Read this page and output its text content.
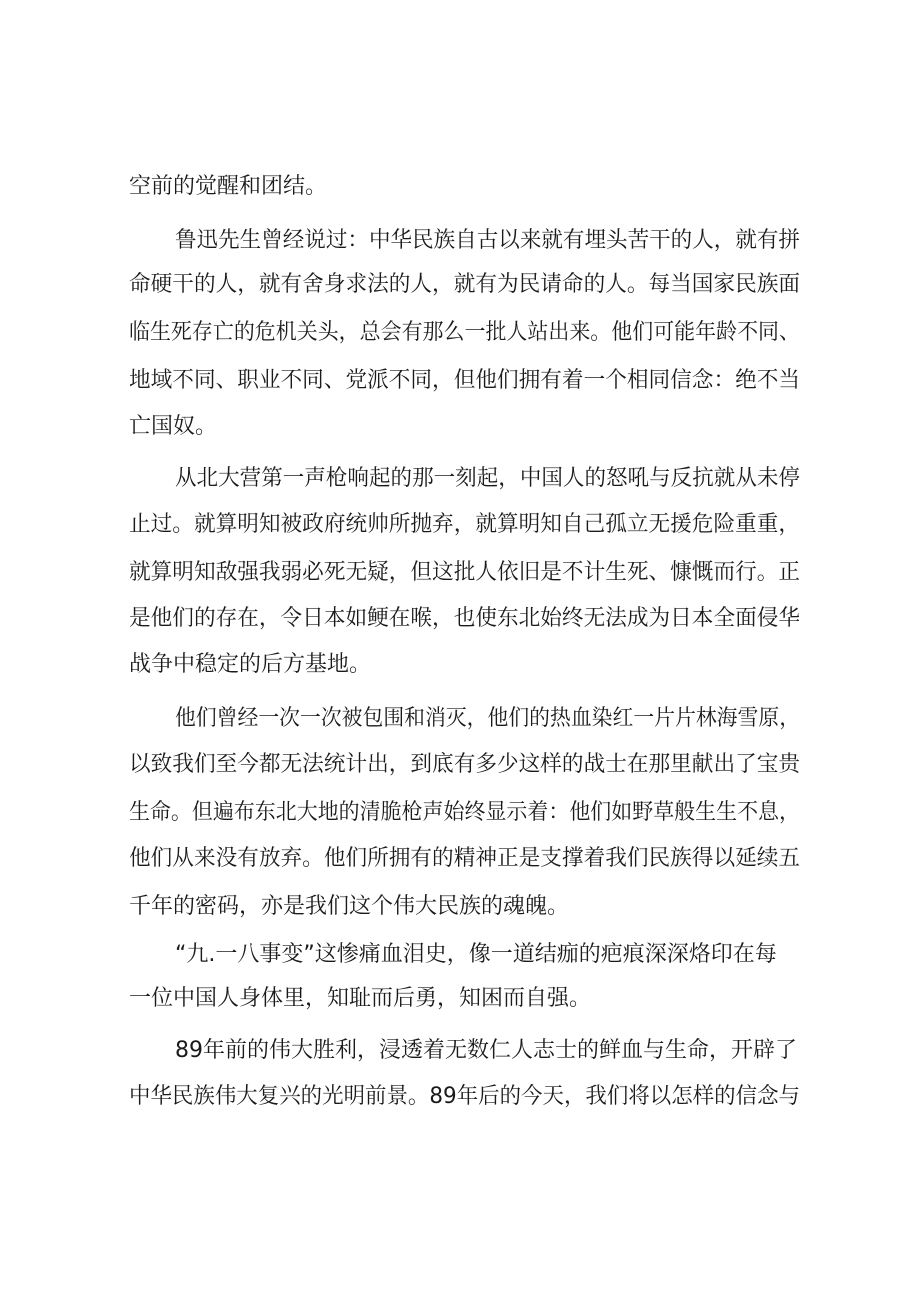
空前的觉醒和团结。
鲁迅先生曾经说过：中华民族自古以来就有埋头苦干的人，就有拼
命硬干的人，就有舍身求法的人，就有为民请命的人。每当国家民族面
临生死存亡的危机关头，总会有那么一批人站出来。他们可能年龄不同、
地域不同、职业不同、党派不同，但他们拥有着一个相同信念：绝不当
亡国奴。
从北大营第一声枪响起的那一刻起，中国人的怒吼与反抗就从未停
止过。就算明知被政府统帅所抛弃，就算明知自己孤立无援危险重重，
就算明知敌强我弱必死无疑，但这批人依旧是不计生死、慷慨而行。正
是他们的存在，令日本如鲠在喉，也使东北始终无法成为日本全面侵华
战争中稳定的后方基地。
他们曾经一次一次被包围和消灭，他们的热血染红一片片林海雪原，
以致我们至今都无法统计出，到底有多少这样的战士在那里献出了宝贵
生命。但遍布东北大地的清脆枪声始终显示着：他们如野草般生生不息，
他们从来没有放弃。他们所拥有的精神正是支撑着我们民族得以延续五
千年的密码，亦是我们这个伟大民族的魂魄。
“九.一八事变”这惨痛血泪史，像一道结痂的疤痕深深烙印在每
一位中国人身体里，知耻而后勇，知困而自强。
89年前的伟大胜利，浸透着无数仁人志士的鲜血与生命，开辟了
中华民族伟大复兴的光明前景。89年后的今天，我们将以怎样的信念与
